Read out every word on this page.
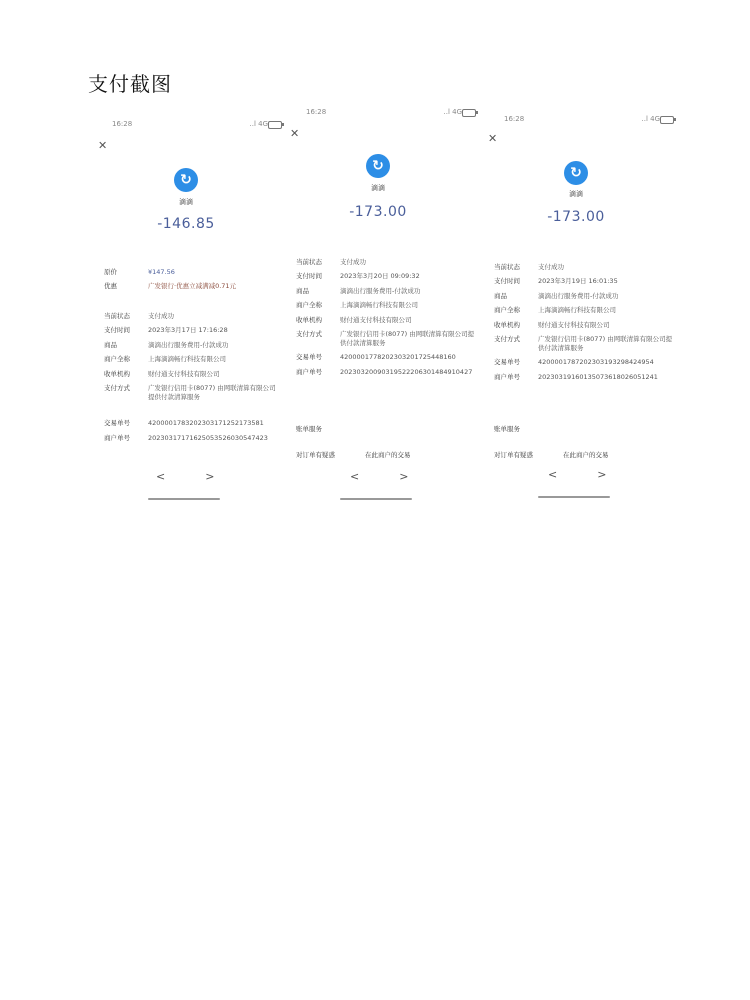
支付截图
16:28	..l 4G
✕
↻
滴滴
-146.85
原价	¥147.56
优惠	广发银行·优惠立减满减0.71元
当前状态	支付成功
支付时间	2023年3月17日 17:16:28
商品	滴滴出行服务费用-付款成功
商户全称	上海滴滴畅行科技有限公司
收单机构	财付通支付科技有限公司
支付方式	广发银行信用卡(8077) 由网联清算有限公司提供付款清算服务
交易单号	4200001783202303171252173581
商户单号	20230317171625053526030547423
<	>
16:28	..l 4G
✕
↻
滴滴
-173.00
当前状态	支付成功
支付时间	2023年3月20日 09:09:32
商品	滴滴出行服务费用-付款成功
商户全称	上海滴滴畅行科技有限公司
收单机构	财付通支付科技有限公司
支付方式	广发银行信用卡(8077) 由网联清算有限公司提供付款清算服务
交易单号	4200001778202303201725448160
商户单号	20230320090319522206301484910427
账单服务
对订单有疑惑	在此商户的交易
<	>
16:28	..l 4G
✕
↻
滴滴
-173.00
当前状态	支付成功
支付时间	2023年3月19日 16:01:35
商品	滴滴出行服务费用-付款成功
商户全称	上海滴滴畅行科技有限公司
收单机构	财付通支付科技有限公司
支付方式	广发银行信用卡(8077) 由网联清算有限公司提供付款清算服务
交易单号	4200001787202303193298424954
商户单号	20230319160135073618026051241
账单服务
对订单有疑惑	在此商户的交易
<	>
